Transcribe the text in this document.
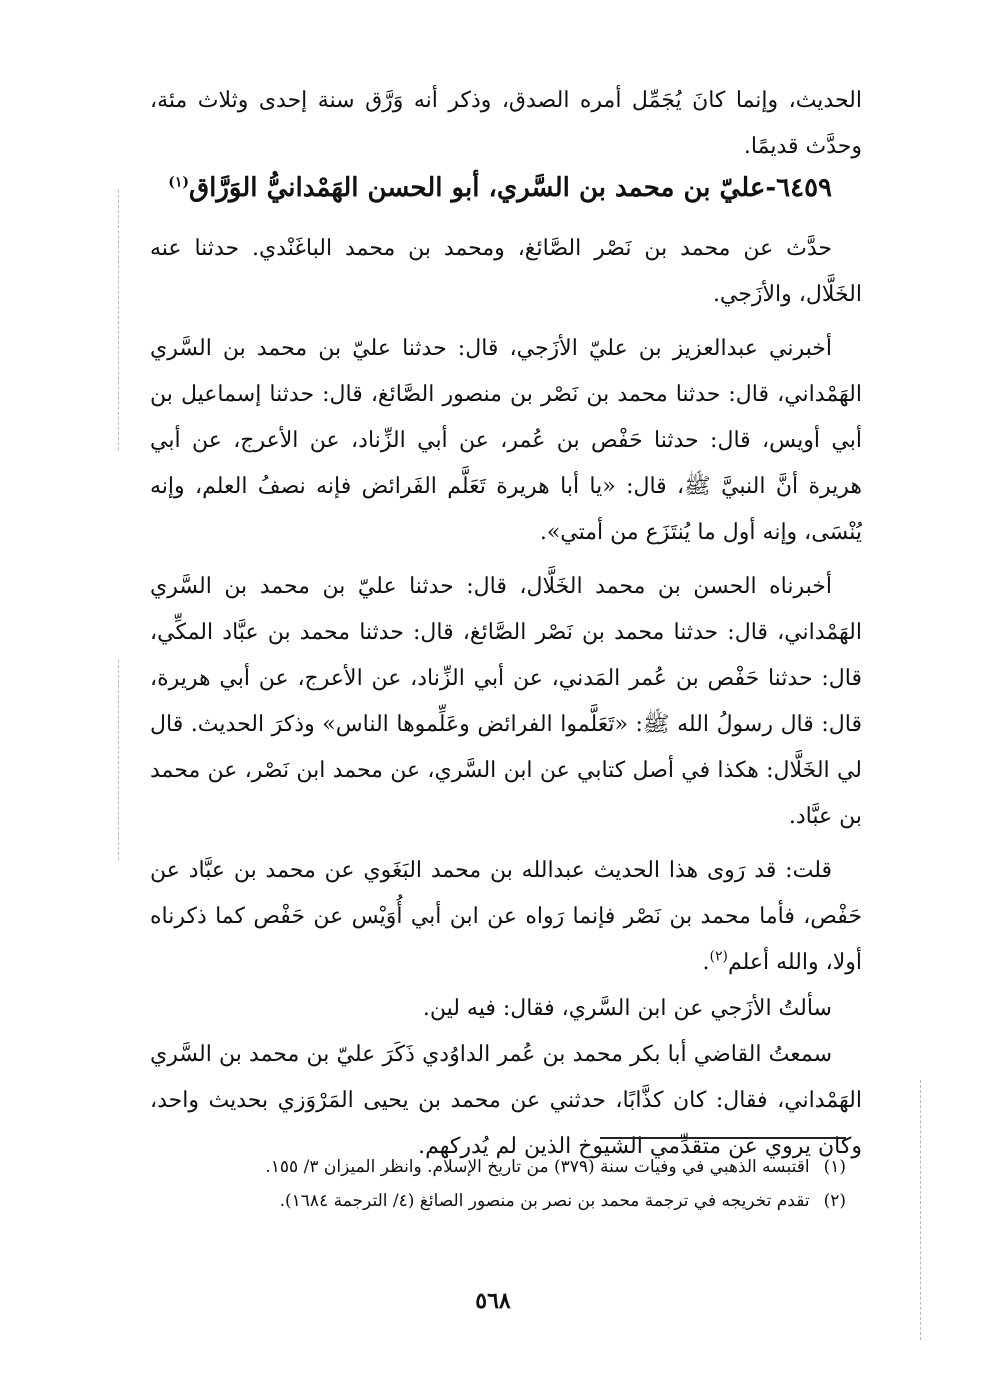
الحديث، وإنما كانَ يُجَمِّل أمره الصدق، وذكر أنه وَرَّق سنة إحدى وثلاث مئة، وحدَّث قديمًا.

٦٤٥٩-عليّ بن محمد بن السَّري، أبو الحسن الهَمْدانيُّ الوَرَّاق$^{(١)}$

حدَّث عن محمد بن نَصْر الصَّائغ، ومحمد بن محمد الباغَنْدي. حدثنا عنه الخَلَّال، والأزَجي.

أخبرني عبدالعزيز بن عليّ الأزَجي، قال: حدثنا عليّ بن محمد بن السَّري الهَمْداني، قال: حدثنا محمد بن نَصْر بن منصور الصَّائغ، قال: حدثنا إسماعيل بن أبي أويس، قال: حدثنا حَفْص بن عُمر، عن أبي الزِّناد، عن الأعرج، عن أبي هريرة أنَّ النبيَّ ﷺ، قال: «يا أبا هريرة تَعَلَّم الفَرائض فإنه نصفُ العلم، وإنه يُنْسَى، وإنه أول ما يُنتَزَع من أمتي».

أخبرناه الحسن بن محمد الخَلَّال، قال: حدثنا عليّ بن محمد بن السَّري الهَمْداني، قال: حدثنا محمد بن نَصْر الصَّائغ، قال: حدثنا محمد بن عبَّاد المكِّي، قال: حدثنا حَفْص بن عُمر المَدني، عن أبي الزِّناد، عن الأعرج، عن أبي هريرة، قال: قال رسولُ الله ﷺ: «تَعَلَّموا الفرائض وعَلِّموها الناس» وذكرَ الحديث. قال لي الخَلَّال: هكذا في أصل كتابي عن ابن السَّري، عن محمد ابن نَصْر، عن محمد بن عبَّاد.

قلت: قد رَوى هذا الحديث عبدالله بن محمد البَغَوي عن محمد بن عبَّاد عن حَفْص، فأما محمد بن نَصْر فإنما رَواه عن ابن أبي أُوَيْس عن حَفْص كما ذكرناه أولا، والله أعلم$^{(٢)}$.

سألتُ الأزَجي عن ابن السَّري، فقال: فيه لين.

سمعتُ القاضي أبا بكر محمد بن عُمر الداوُدي ذَكَرَ عليّ بن محمد بن السَّري الهَمْداني، فقال: كان كذَّابًا، حدثني عن محمد بن يحيى المَرْوَزي بحديث واحد، وكان يروي عن متقدِّمي الشيوخ الذين لم يُدركهم.

(١)اقتبسه الذهبي في وفيات سنة (٣٧٩) من تاريخ الإسلام. وانظر الميزان ٣/ ١٥٥.

(٢)تقدم تخريجه في ترجمة محمد بن نصر بن منصور الصائغ (٤/ الترجمة ١٦٨٤).

٥٦٨
